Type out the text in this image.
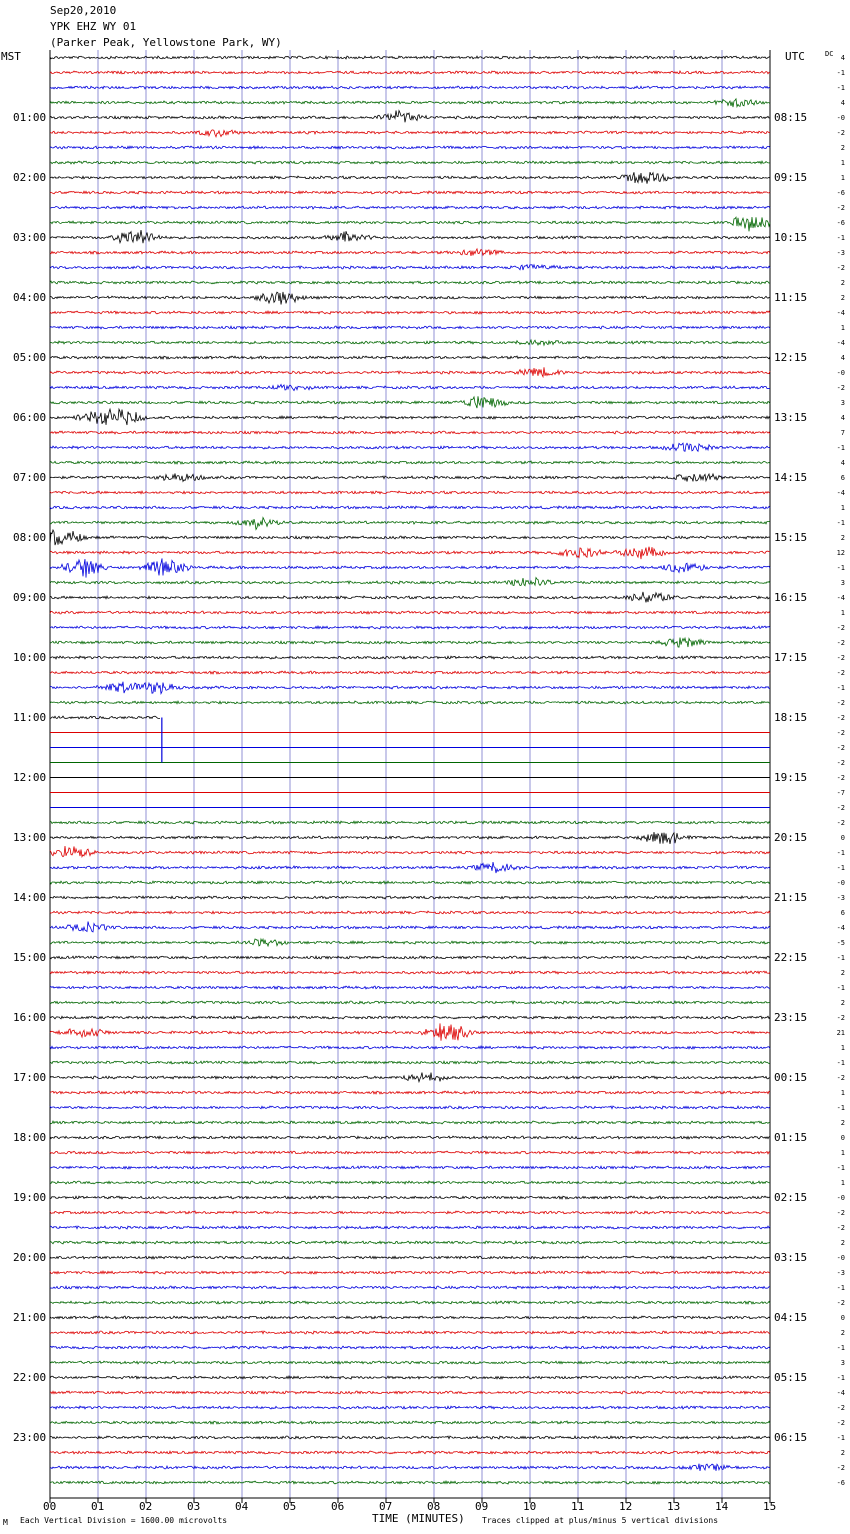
Sep20,2010
YPK EHZ WY 01
(Parker Peak, Yellowstone Park, WY)
MST	UTC	DC	4
-1
-1
4
-0
01:00	08:15
-2
2
1
1
02:00	09:15
-6
-2
-6
-1
03:00	10:15
-3
-2
2
2
04:00	11:15
-4
1
-4
4
05:00	12:15
-0
-2
3
4
06:00	13:15
7
-1
4
6
07:00	14:15
-4
1
-1
2
08:00	15:15
12
-1
3
-4
09:00	16:15
1
-2
-2
-2
10:00	17:15
-2
-1
-2
-2
11:00	18:15
-2
-2
-2
-2
12:00	19:15
-7
-2
-2
0
13:00	20:15
-1
-1
-0
-3
14:00	21:15
6
-4
-5
-1
15:00	22:15
2
-1
2
-2
16:00	23:15
21
1
-1
-2
17:00	00:15
1
-1
2
0
18:00	01:15
1
-1
1
-0
19:00	02:15
-2
-2
2
-0
20:00	03:15
-3
-1
-2
0
21:00	04:15
2
-1
3
-1
22:00	05:15
-4
-2
-2
-1
23:00	06:15
2
-2
-6
00	01	02	03	04	05	06	07	08	09	10	11	12	13	14	15
M Each Vertical Division = 1600.00 microvolts	TIME (MINUTES) Traces clipped at plus/minus 5 vertical divisions
